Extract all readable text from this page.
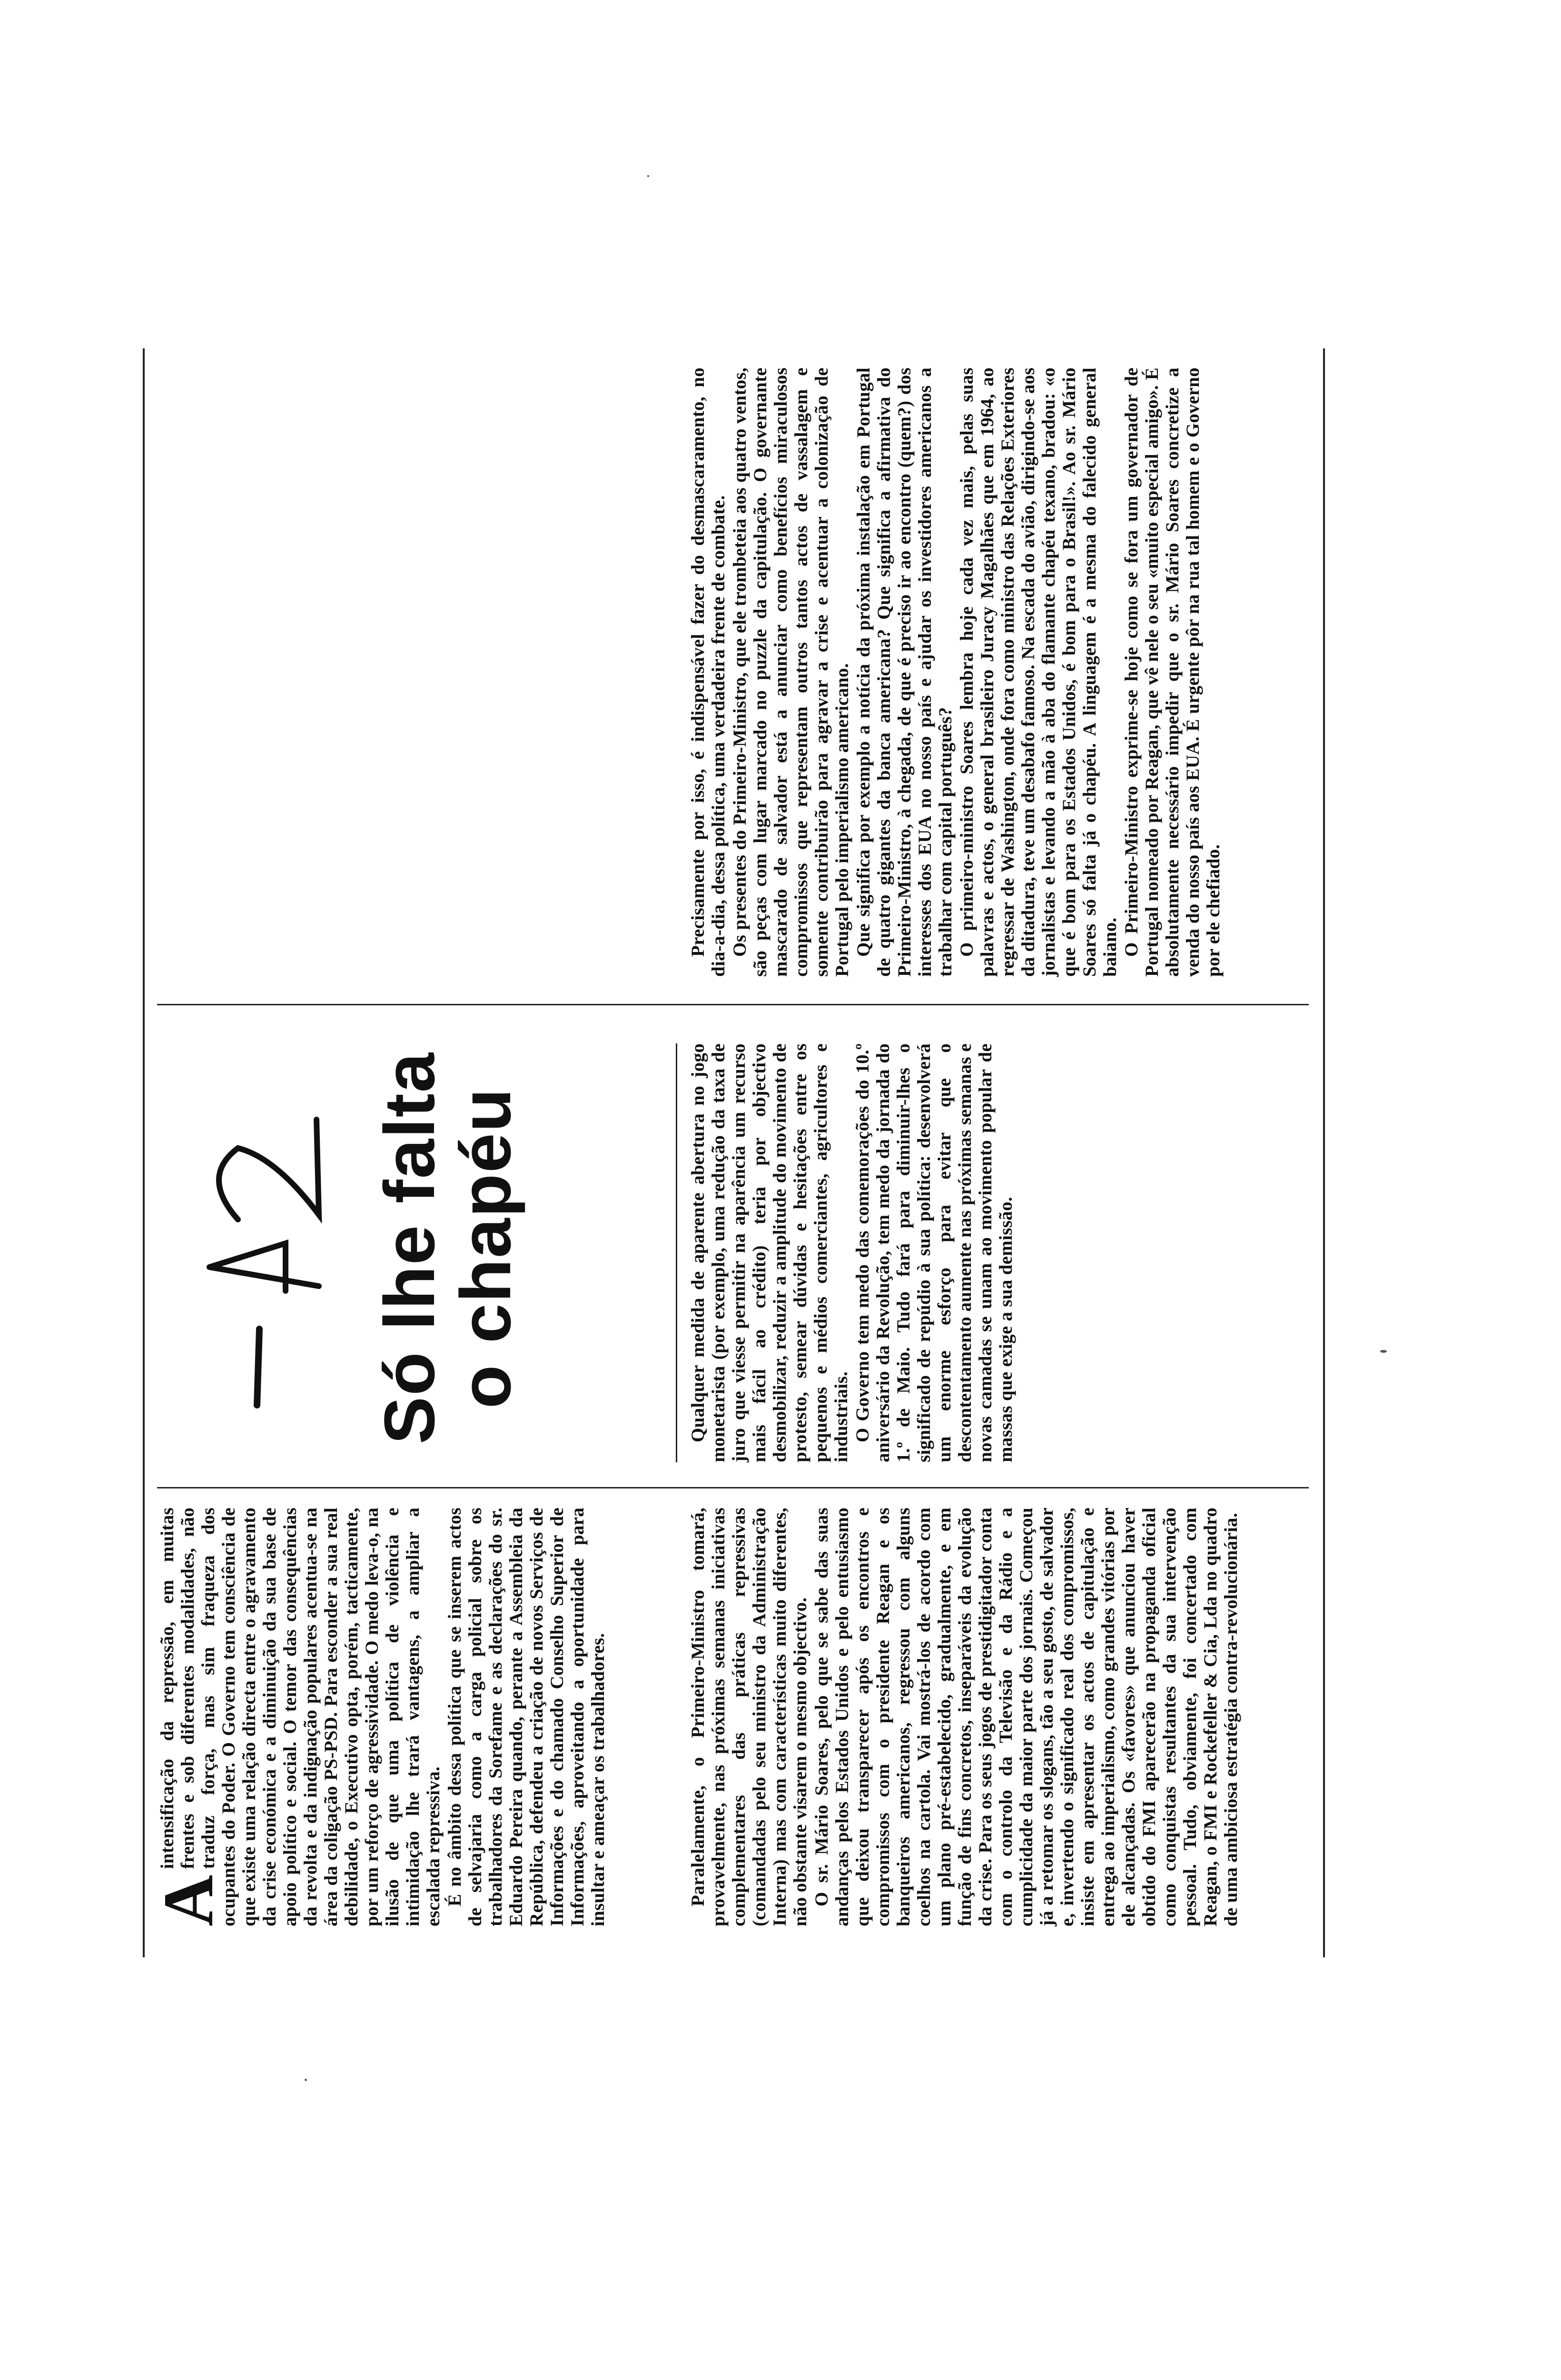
A
intensificação da repressão, em muitas frentes e sob diferentes modalidades, não traduz força, mas sim fraqueza dos ocupantes do Poder. O Governo tem consciência de que existe uma relação directa entre o agravamento da crise económica e a diminuição da sua base de apoio político e social. O temor das consequências da revolta e da indignação populares acentua-se na área da coligação PS-PSD. Para esconder a sua real debilidade, o Executivo opta, porém, tacticamente, por um reforço de agressividade. O medo leva-o, na ilusão de que uma política de violência e intimidação lhe trará vantagens, a ampliar a escalada repressiva. É no âmbito dessa política que se inserem actos de selvajaria como a carga policial sobre os trabalhadores da Sorefame e as declarações do sr. Eduardo Pereira quando, perante a Assembleia da República, defendeu a criação de novos Serviços de Informações e do chamado Conselho Superior de Informações, aproveitando a oportunidade para insultar e ameaçar os trabalhadores.

Só lhe falta
o chapéu

Paralelamente, o Primeiro-Ministro tomará, provavelmente, nas próximas semanas iniciativas complementares das práticas repressivas (comandadas pelo seu ministro da Administração Interna) mas com características muito diferentes, não obstante visarem o mesmo objectivo. O sr. Mário Soares, pelo que se sabe das suas andanças pelos Estados Unidos e pelo entusiasmo que deixou transparecer após os encontros e compromissos com o presidente Reagan e os banqueiros americanos, regressou com alguns coelhos na cartola. Vai mostrá-los de acordo com um plano pré-estabelecido, gradualmente, e em função de fins concretos, inseparáveis da evolução da crise. Para os seus jogos de prestidigitador conta com o controlo da Televisão e da Rádio e a cumplicidade da maior parte dos jornais. Começou já a retomar os slogans, tão a seu gosto, de salvador e, invertendo o significado real dos compromissos, insiste em apresentar os actos de capitulação e entrega ao imperialismo, como grandes vitórias por ele alcançadas. Os «favores» que anunciou haver obtido do FMI aparecerão na propaganda oficial como conquistas resultantes da sua intervenção pessoal. Tudo, obviamente, foi concertado com Reagan, o FMI e Rockefeller & Cia, Lda no quadro de uma ambiciosa estratégia contra-revolucionária.

Qualquer medida de aparente abertura no jogo monetarista (por exemplo, uma redução da taxa de juro que viesse permitir na aparência um recurso mais fácil ao crédito) teria por objectivo desmobilizar, reduzir a amplitude do movimento de protesto, semear dúvidas e hesitações entre os pequenos e médios comerciantes, agricultores e industriais. O Governo tem medo das comemorações do 10.º aniversário da Revolução, tem medo da jornada do 1.º de Maio. Tudo fará para diminuir-lhes o significado de repúdio à sua política: desenvolverá um enorme esforço para evitar que o descontentamento aumente nas próximas semanas e novas camadas se unam ao movimento popular de massas que exige a sua demissão.

Precisamente por isso, é indispensável fazer do desmascaramento, no dia-a-dia, dessa política, uma verdadeira frente de combate. Os presentes do Primeiro-Ministro, que ele trombeteia aos quatro ventos, são peças com lugar marcado no puzzle da capitulação. O governante mascarado de salvador está a anunciar como benefícios miraculosos compromissos que representam outros tantos actos de vassalagem e somente contribuirão para agravar a crise e acentuar a colonização de Portugal pelo imperialismo americano. Que significa por exemplo a notícia da próxima instalação em Portugal de quatro gigantes da banca americana? Que significa a afirmativa do Primeiro-Ministro, à chegada, de que é preciso ir ao encontro (quem?) dos interesses dos EUA no nosso país e ajudar os investidores americanos a trabalhar com capital português? O primeiro-ministro Soares lembra hoje cada vez mais, pelas suas palavras e actos, o general brasileiro Juracy Magalhães que em 1964, ao regressar de Washington, onde fora como ministro das Relações Exteriores da ditadura, teve um desabafo famoso. Na escada do avião, dirigindo-se aos jornalistas e levando a mão à aba do flamante chapéu texano, bradou: «o que é bom para os Estados Unidos, é bom para o Brasil!». Ao sr. Mário Soares só falta já o chapéu. A linguagem é a mesma do falecido general baiano. O Primeiro-Ministro exprime-se hoje como se fora um governador de Portugal nomeado por Reagan, que vê nele o seu «muito especial amigo». É absolutamente necessário impedir que o sr. Mário Soares concretize a venda do nosso país aos EUA. É urgente pôr na rua tal homem e o Governo por ele chefiado.
